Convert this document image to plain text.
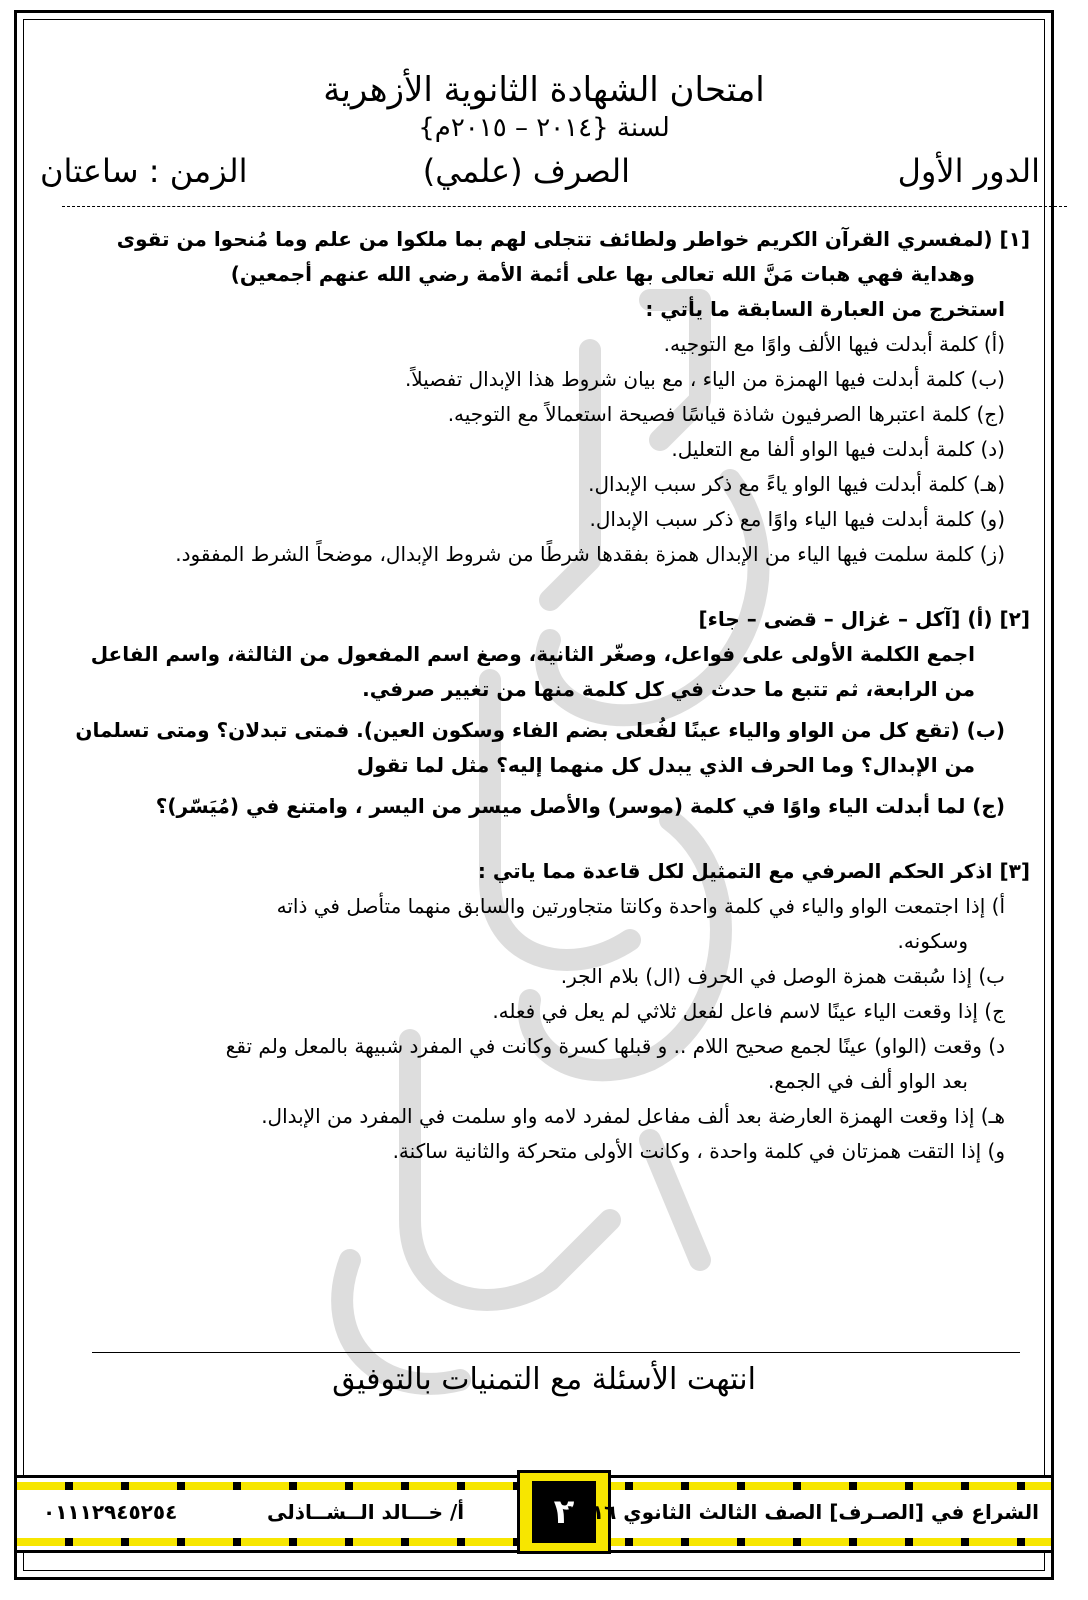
امتحان الشهادة الثانوية الأزهرية
لسنة {٢٠١٤ – ٢٠١٥م}
الدور الأول
الصرف (علمي)
الزمن : ساعتان

[١] (لمفسري القرآن الكريم خواطر ولطائف تتجلى لهم بما ملكوا من علم وما مُنحوا من تقوى

وهداية فهي هبات مَنَّ الله تعالى بها على أئمة الأمة رضي الله عنهم أجمعين)

استخرج من العبارة السابقة ما يأتي :

(أ) كلمة أبدلت فيها الألف واوًا مع التوجيه.

(ب) كلمة أبدلت فيها الهمزة من الياء ، مع بيان شروط هذا الإبدال تفصيلاً.

(ج) كلمة اعتبرها الصرفيون شاذة قياسًا فصيحة استعمالاً مع التوجيه.

(د) كلمة أبدلت فيها الواو ألفا مع التعليل.

(هـ) كلمة أبدلت فيها الواو ياءً مع ذكر سبب الإبدال.

(و) كلمة أبدلت فيها الياء واوًا مع ذكر سبب الإبدال.

(ز) كلمة سلمت فيها الياء من الإبدال همزة بفقدها شرطًا من شروط الإبدال، موضحاً الشرط المفقود.

[٢] (أ) [آكل – غزال – قضى – جاء]

اجمع الكلمة الأولى على فواعل، وصغّر الثانية، وصغ اسم المفعول من الثالثة، واسم الفاعل

من الرابعة، ثم تتبع ما حدث في كل كلمة منها من تغيير صرفي.

(ب) (تقع كل من الواو والياء عينًا لفُعلى بضم الفاء وسكون العين). فمتى تبدلان؟ ومتى تسلمان

من الإبدال؟ وما الحرف الذي يبدل كل منهما إليه؟ مثل لما تقول

(ج) لما أبدلت الياء واوًا في كلمة (موسر) والأصل ميسر من اليسر ، وامتنع في (مُيَسّر)؟

[٣] اذكر الحكم الصرفي مع التمثيل لكل قاعدة مما ياتي :

أ) إذا اجتمعت الواو والياء في كلمة واحدة وكانتا متجاورتين والسابق منهما متأصل في ذاته

وسكونه.

ب) إذا سُبقت همزة الوصل في الحرف (ال) بلام الجر.

ج) إذا وقعت الياء عينًا لاسم فاعل لفعل ثلاثي لم يعل في فعله.

د) وقعت (الواو) عينًا لجمع صحيح اللام .. و قبلها كسرة وكانت في المفرد شبيهة بالمعل ولم تقع

بعد الواو ألف في الجمع.

هـ) إذا وقعت الهمزة العارضة بعد ألف مفاعل لمفرد لامه واو سلمت في المفرد من الإبدال.

و) إذا التقت همزتان في كلمة واحدة ، وكانت الأولى متحركة والثانية ساكنة.

انتهت الأسئلة مع التمنيات بالتوفيق
٠١١١٢٩٤٥٢٥٤	أ/ خـــالد الــشــاذلى	٢
الشراع في [الصـرف] الصف الثالث الثانوي ٢٠١٦
